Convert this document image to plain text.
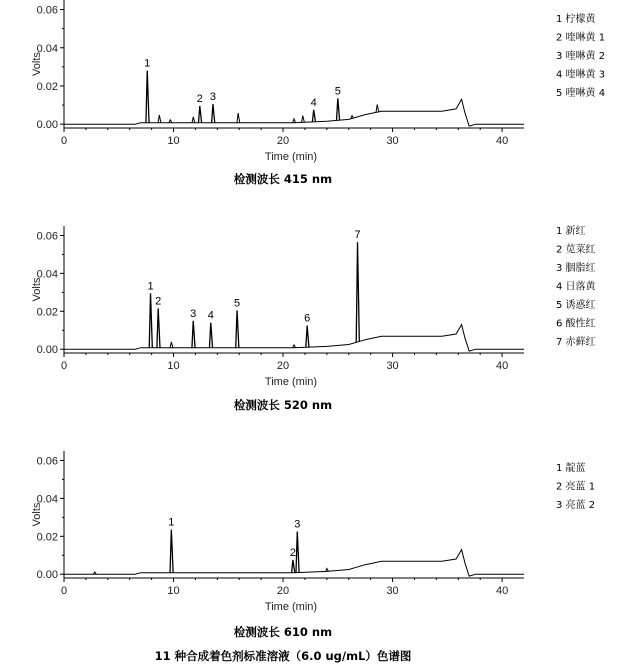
11 种合成着色剂标准溶液（6.0 ug/mL）色谱图
0	10	20	30	40
0.00
0.02
0.04
0.06
Time (min)
Volts	1
2 3	4
5
1 柠檬黄
2 喹啉黄 1
3 喹啉黄 2
4 喹啉黄 3
5 喹啉黄 4
检测波长 415 nm
0	10	20	30	40
0.00
0.02
0.04
0.06
Time (min)
Volts	1
2
3 4
5
6
7	1 新红
2 苋菜红
3 胭脂红
4 日落黄
5 诱惑红
6 酸性红
7 赤藓红
检测波长 520 nm
0	10	20	30	40
0.00
0.02
0.04
0.06
Time (min)
Volts	1
2
3
1 靛蓝
2 亮蓝 1
3 亮蓝 2
检测波长 610 nm
